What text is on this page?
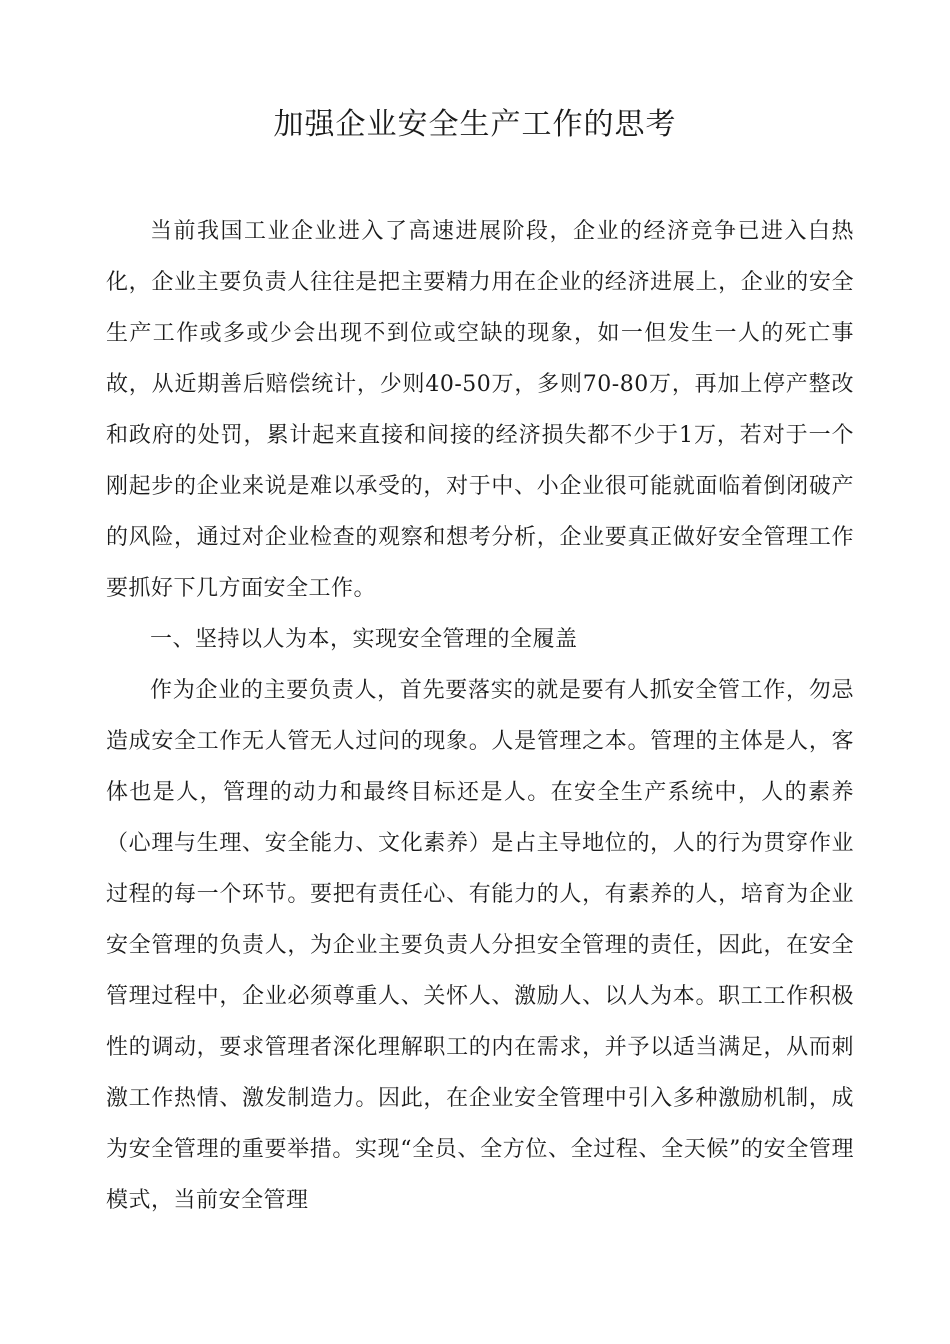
加强企业安全生产工作的思考

当前我国工业企业进入了高速进展阶段，企业的经济竞争已进入白热化，企业主要负责人往往是把主要精力用在企业的经济进展上，企业的安全生产工作或多或少会出现不到位或空缺的现象，如一但发生一人的死亡事故，从近期善后赔偿统计，少则40-50万，多则70-80万，再加上停产整改和政府的处罚，累计起来直接和间接的经济损失都不少于1万，若对于一个刚起步的企业来说是难以承受的，对于中、小企业很可能就面临着倒闭破产的风险，通过对企业检查的观察和想考分析，企业要真正做好安全管理工作要抓好下几方面安全工作。

一、坚持以人为本，实现安全管理的全履盖

作为企业的主要负责人，首先要落实的就是要有人抓安全管工作，勿忌造成安全工作无人管无人过问的现象。人是管理之本。管理的主体是人，客体也是人，管理的动力和最终目标还是人。在安全生产系统中，人的素养（心理与生理、安全能力、文化素养）是占主导地位的，人的行为贯穿作业过程的每一个环节。要把有责任心、有能力的人，有素养的人，培育为企业安全管理的负责人，为企业主要负责人分担安全管理的责任，因此，在安全管理过程中，企业必须尊重人、关怀人、激励人、以人为本。职工工作积极性的调动，要求管理者深化理解职工的内在需求，并予以适当满足，从而刺激工作热情、激发制造力。因此，在企业安全管理中引入多种激励机制，成为安全管理的重要举措。实现“全员、全方位、全过程、全天候”的安全管理模式，当前安全管理
